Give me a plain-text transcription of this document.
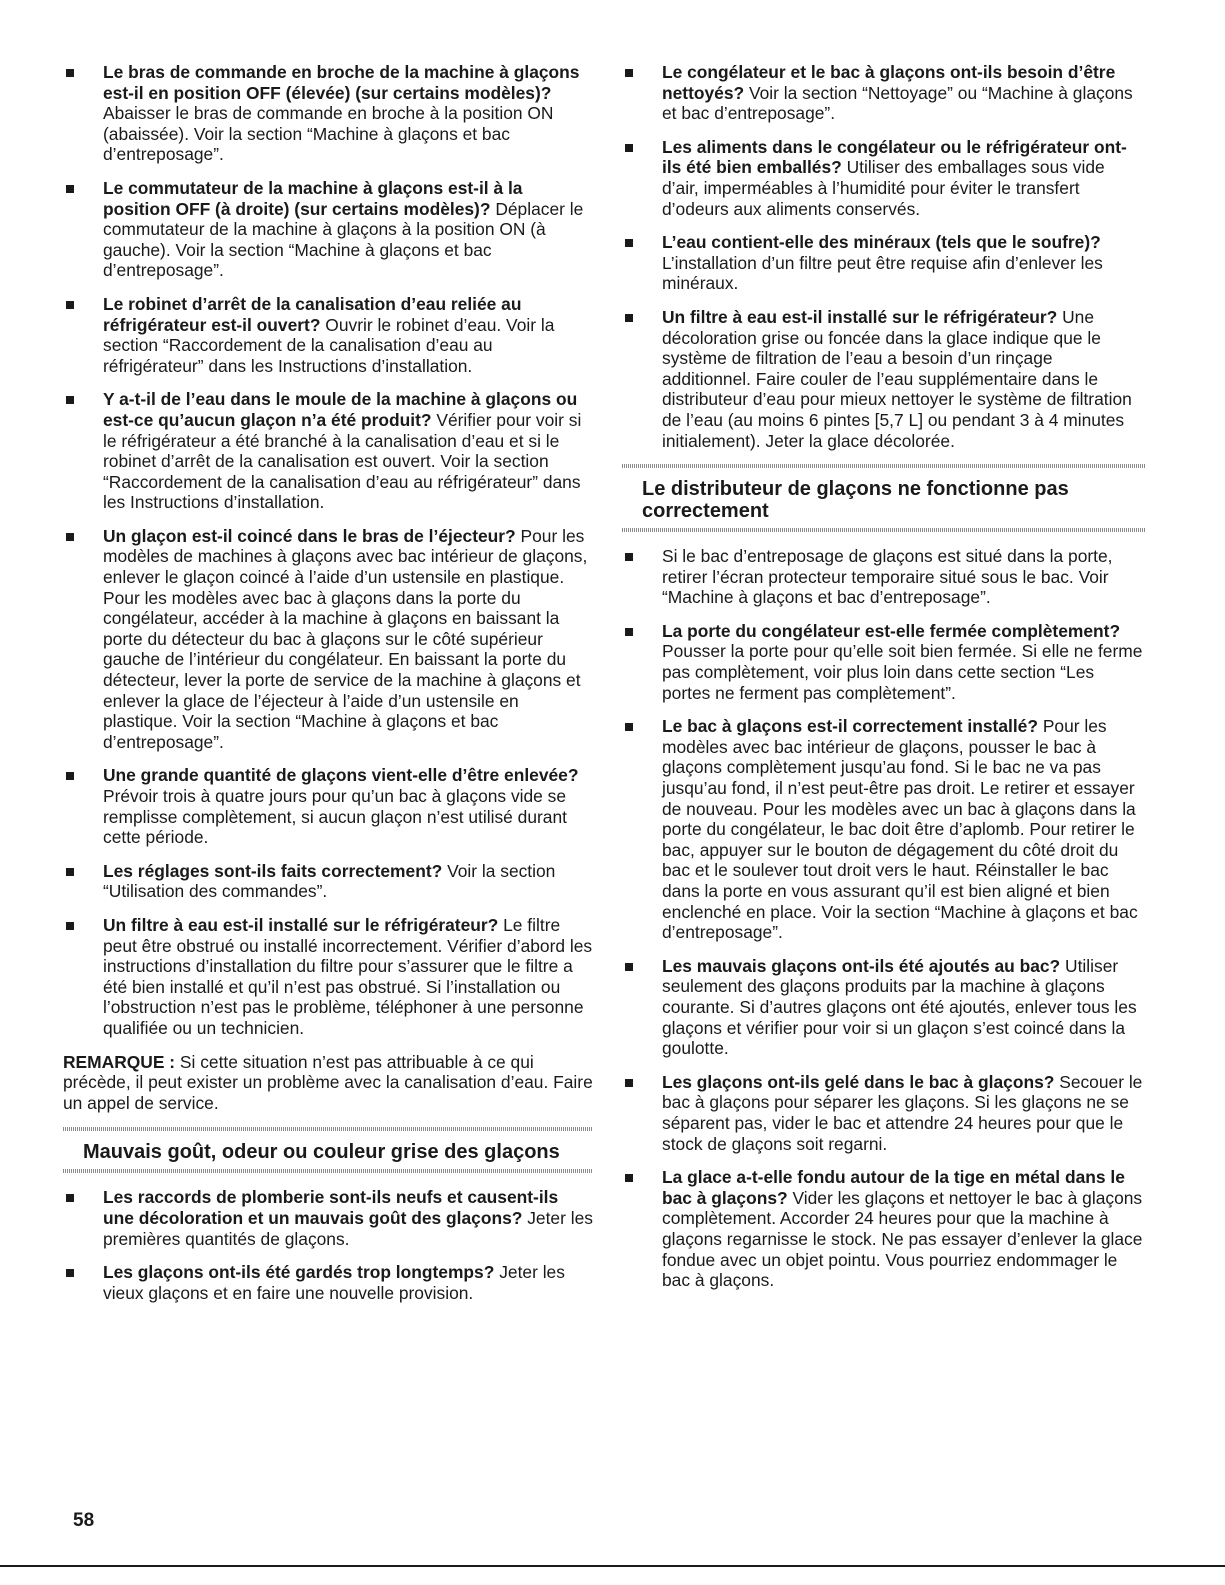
Le bras de commande en broche de la machine à glaçons est-il en position OFF (élevée) (sur certains modèles)? Abaisser le bras de commande en broche à la position ON (abaissée). Voir la section “Machine à glaçons et bac d’entreposage”.
Le commutateur de la machine à glaçons est-il à la position OFF (à droite) (sur certains modèles)? Déplacer le commutateur de la machine à glaçons à la position ON (à gauche). Voir la section “Machine à glaçons et bac d’entreposage”.
Le robinet d’arrêt de la canalisation d’eau reliée au réfrigérateur est-il ouvert? Ouvrir le robinet d’eau. Voir la section “Raccordement de la canalisation d’eau au réfrigérateur” dans les Instructions d’installation.
Y a-t-il de l’eau dans le moule de la machine à glaçons ou est-ce qu’aucun glaçon n’a été produit? Vérifier pour voir si le réfrigérateur a été branché à la canalisation d’eau et si le robinet d’arrêt de la canalisation est ouvert. Voir la section “Raccordement de la canalisation d’eau au réfrigérateur” dans les Instructions d’installation.
Un glaçon est-il coincé dans le bras de l’éjecteur? Pour les modèles de machines à glaçons avec bac intérieur de glaçons, enlever le glaçon coincé à l’aide d’un ustensile en plastique. Pour les modèles avec bac à glaçons dans la porte du congélateur, accéder à la machine à glaçons en baissant la porte du détecteur du bac à glaçons sur le côté supérieur gauche de l’intérieur du congélateur. En baissant la porte du détecteur, lever la porte de service de la machine à glaçons et enlever la glace de l’éjecteur à l’aide d’un ustensile en plastique. Voir la section “Machine à glaçons et bac d’entreposage”.
Une grande quantité de glaçons vient-elle d’être enlevée? Prévoir trois à quatre jours pour qu’un bac à glaçons vide se remplisse complètement, si aucun glaçon n’est utilisé durant cette période.
Les réglages sont-ils faits correctement? Voir la section “Utilisation des commandes”.
Un filtre à eau est-il installé sur le réfrigérateur? Le filtre peut être obstrué ou installé incorrectement. Vérifier d’abord les instructions d’installation du filtre pour s’assurer que le filtre a été bien installé et qu’il n’est pas obstrué. Si l’installation ou l’obstruction n’est pas le problème, téléphoner à une personne qualifiée ou un technicien.

REMARQUE : Si cette situation n’est pas attribuable à ce qui précède, il peut exister un problème avec la canalisation d’eau. Faire un appel de service.

Mauvais goût, odeur ou couleur grise des glaçons
Les raccords de plomberie sont-ils neufs et causent-ils une décoloration et un mauvais goût des glaçons? Jeter les premières quantités de glaçons.
Les glaçons ont-ils été gardés trop longtemps? Jeter les vieux glaçons et en faire une nouvelle provision.
Le congélateur et le bac à glaçons ont-ils besoin d’être nettoyés? Voir la section “Nettoyage” ou “Machine à glaçons et bac d’entreposage”.
Les aliments dans le congélateur ou le réfrigérateur ont-ils été bien emballés? Utiliser des emballages sous vide d’air, imperméables à l’humidité pour éviter le transfert d’odeurs aux aliments conservés.
L’eau contient-elle des minéraux (tels que le soufre)? L’installation d’un filtre peut être requise afin d’enlever les minéraux.
Un filtre à eau est-il installé sur le réfrigérateur? Une décoloration grise ou foncée dans la glace indique que le système de filtration de l’eau a besoin d’un rinçage additionnel. Faire couler de l’eau supplémentaire dans le distributeur d’eau pour mieux nettoyer le système de filtration de l’eau (au moins 6 pintes [5,7 L] ou pendant 3 à 4 minutes initialement). Jeter la glace décolorée.
Le distributeur de glaçons ne fonctionne pas correctement
Si le bac d’entreposage de glaçons est situé dans la porte, retirer l’écran protecteur temporaire situé sous le bac. Voir “Machine à glaçons et bac d’entreposage”.
La porte du congélateur est-elle fermée complètement? Pousser la porte pour qu’elle soit bien fermée. Si elle ne ferme pas complètement, voir plus loin dans cette section “Les portes ne ferment pas complètement”.
Le bac à glaçons est-il correctement installé? Pour les modèles avec bac intérieur de glaçons, pousser le bac à glaçons complètement jusqu’au fond. Si le bac ne va pas jusqu’au fond, il n’est peut-être pas droit. Le retirer et essayer de nouveau. Pour les modèles avec un bac à glaçons dans la porte du congélateur, le bac doit être d’aplomb. Pour retirer le bac, appuyer sur le bouton de dégagement du côté droit du bac et le soulever tout droit vers le haut. Réinstaller le bac dans la porte en vous assurant qu’il est bien aligné et bien enclenché en place. Voir la section “Machine à glaçons et bac d’entreposage”.
Les mauvais glaçons ont-ils été ajoutés au bac? Utiliser seulement des glaçons produits par la machine à glaçons courante. Si d’autres glaçons ont été ajoutés, enlever tous les glaçons et vérifier pour voir si un glaçon s’est coincé dans la goulotte.
Les glaçons ont-ils gelé dans le bac à glaçons? Secouer le bac à glaçons pour séparer les glaçons. Si les glaçons ne se séparent pas, vider le bac et attendre 24 heures pour que le stock de glaçons soit regarni.
La glace a-t-elle fondu autour de la tige en métal dans le bac à glaçons? Vider les glaçons et nettoyer le bac à glaçons complètement. Accorder 24 heures pour que la machine à glaçons regarnisse le stock. Ne pas essayer d’enlever la glace fondue avec un objet pointu. Vous pourriez endommager le bac à glaçons.
58
